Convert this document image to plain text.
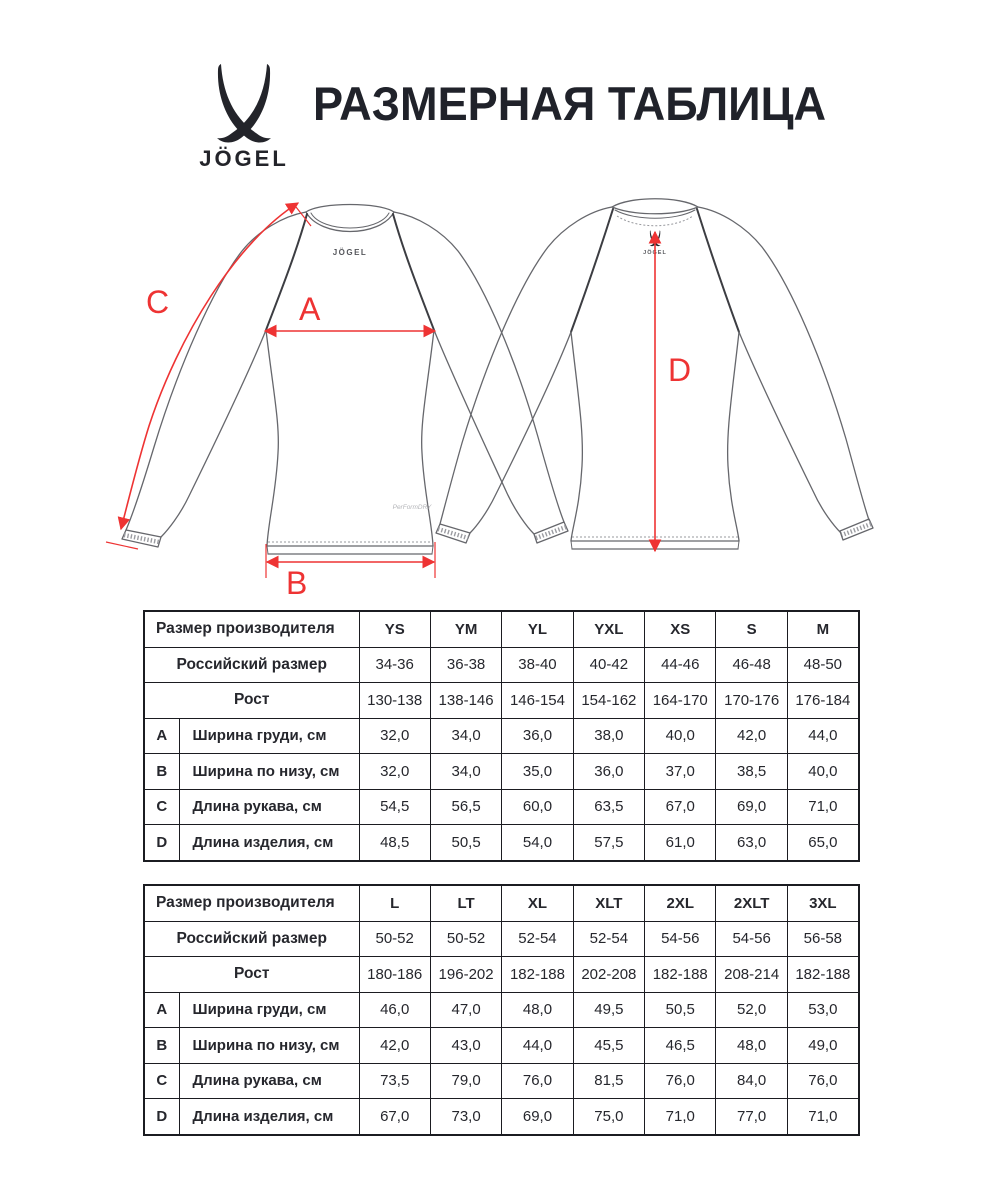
JÖGEL
РАЗМЕРНАЯ ТАБЛИЦА
JÖGEL
PerFormDRY
JÖGEL
A
B
C
D
Размер производителя		YS	YM	YL	YXL	XS	S	M
Российский размер		34-36	36-38	38-40	40-42	44-46	46-48	48-50
Рост		130-138	138-146	146-154	154-162	164-170	170-176	176-184
A	Ширина груди, см	32,0	34,0	36,0	38,0	40,0	42,0	44,0
B	Ширина по низу, см	32,0	34,0	35,0	36,0	37,0	38,5	40,0
C	Длина рукава, см	54,5	56,5	60,0	63,5	67,0	69,0	71,0
D	Длина изделия, см	48,5	50,5	54,0	57,5	61,0	63,0	65,0
Размер производителя		L	LT	XL	XLT	2XL	2XLT	3XL
Российский размер		50-52	50-52	52-54	52-54	54-56	54-56	56-58
Рост		180-186	196-202	182-188	202-208	182-188	208-214	182-188
A	Ширина груди, см	46,0	47,0	48,0	49,5	50,5	52,0	53,0
B	Ширина по низу, см	42,0	43,0	44,0	45,5	46,5	48,0	49,0
C	Длина рукава, см	73,5	79,0	76,0	81,5	76,0	84,0	76,0
D	Длина изделия, см	67,0	73,0	69,0	75,0	71,0	77,0	71,0
